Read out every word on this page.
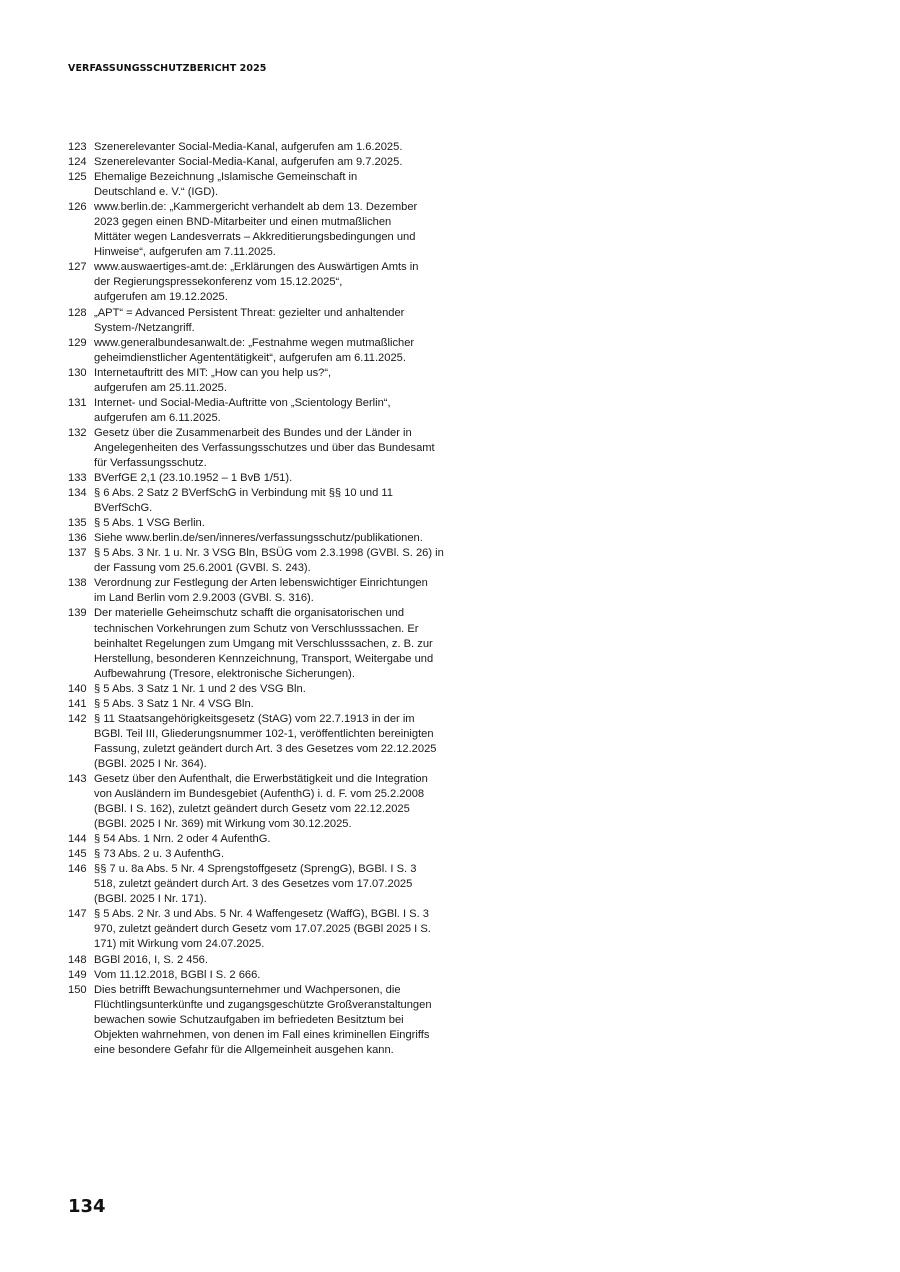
VERFASSUNGSSCHUTZBERICHT 2025
123 Szenerelevanter Social-Media-Kanal, aufgerufen am 1.6.2025.
124 Szenerelevanter Social-Media-Kanal, aufgerufen am 9.7.2025.
125 Ehemalige Bezeichnung „Islamische Gemeinschaft in
Deutschland e. V.“ (IGD).
126 www.berlin.de: „Kammergericht verhandelt ab dem 13. Dezember
2023 gegen einen BND-Mitarbeiter und einen mutmaßlichen
Mittäter wegen Landesverrats – Akkreditierungsbedingungen und
Hinweise“, aufgerufen am 7.11.2025.
127 www.auswaertiges-amt.de: „Erklärungen des Auswärtigen Amts in
der Regierungspressekonferenz vom 15.12.2025“,
aufgerufen am 19.12.2025.
128 „APT“ = Advanced Persistent Threat: gezielter und anhaltender
System-/Netzangriff.
129 www.generalbundesanwalt.de: „Festnahme wegen mutmaßlicher
geheimdienstlicher Agententätigkeit“, aufgerufen am 6.11.2025.
130 Internetauftritt des MIT: „How can you help us?“,
aufgerufen am 25.11.2025.
131 Internet- und Social-Media-Auftritte von „Scientology Berlin“,
aufgerufen am 6.11.2025.
132 Gesetz über die Zusammenarbeit des Bundes und der Länder in
Angelegenheiten des Verfassungsschutzes und über das Bundesamt
für Verfassungsschutz.
133 BVerfGE 2,1 (23.10.1952 – 1 BvB 1/51).
134 § 6 Abs. 2 Satz 2 BVerfSchG in Verbindung mit §§ 10 und 11
BVerfSchG.
135 § 5 Abs. 1 VSG Berlin.
136 Siehe www.berlin.de/sen/inneres/verfassungsschutz/publikationen.
137 § 5 Abs. 3 Nr. 1 u. Nr. 3 VSG Bln, BSÜG vom 2.3.1998 (GVBl. S. 26) in
der Fassung vom 25.6.2001 (GVBl. S. 243).
138 Verordnung zur Festlegung der Arten lebenswichtiger Einrichtungen
im Land Berlin vom 2.9.2003 (GVBl. S. 316).
139 Der materielle Geheimschutz schafft die organisatorischen und
technischen Vorkehrungen zum Schutz von Verschlusssachen. Er
beinhaltet Regelungen zum Umgang mit Verschlusssachen, z. B. zur
Herstellung, besonderen Kennzeichnung, Transport, Weitergabe und
Aufbewahrung (Tresore, elektronische Sicherungen).
140 § 5 Abs. 3 Satz 1 Nr. 1 und 2 des VSG Bln.
141 § 5 Abs. 3 Satz 1 Nr. 4 VSG Bln.
142 § 11 Staatsangehörigkeitsgesetz (StAG) vom 22.7.1913 in der im
BGBl. Teil III, Gliederungsnummer 102-1, veröffentlichten bereinigten
Fassung, zuletzt geändert durch Art. 3 des Gesetzes vom 22.12.2025
(BGBl. 2025 I Nr. 364).
143 Gesetz über den Aufenthalt, die Erwerbstätigkeit und die Integration
von Ausländern im Bundesgebiet (AufenthG) i. d. F. vom 25.2.2008
(BGBl. I S. 162), zuletzt geändert durch Gesetz vom 22.12.2025
(BGBl. 2025 I Nr. 369) mit Wirkung vom 30.12.2025.
144 § 54 Abs. 1 Nrn. 2 oder 4 AufenthG.
145 § 73 Abs. 2 u. 3 AufenthG.
146 §§ 7 u. 8a Abs. 5 Nr. 4 Sprengstoffgesetz (SprengG), BGBl. I S. 3
518, zuletzt geändert durch Art. 3 des Gesetzes vom 17.07.2025
(BGBl. 2025 I Nr. 171).
147 § 5 Abs. 2 Nr. 3 und Abs. 5 Nr. 4 Waffengesetz (WaffG), BGBl. I S. 3
970, zuletzt geändert durch Gesetz vom 17.07.2025 (BGBl 2025 I S.
171) mit Wirkung vom 24.07.2025.
148 BGBl 2016, I, S. 2 456.
149 Vom 11.12.2018, BGBl I S. 2 666.
150 Dies betrifft Bewachungsunternehmer und Wachpersonen, die
Flüchtlingsunterkünfte und zugangsgeschützte Großveranstaltungen
bewachen sowie Schutzaufgaben im befriedeten Besitztum bei
Objekten wahrnehmen, von denen im Fall eines kriminellen Eingriffs
eine besondere Gefahr für die Allgemeinheit ausgehen kann.
134
